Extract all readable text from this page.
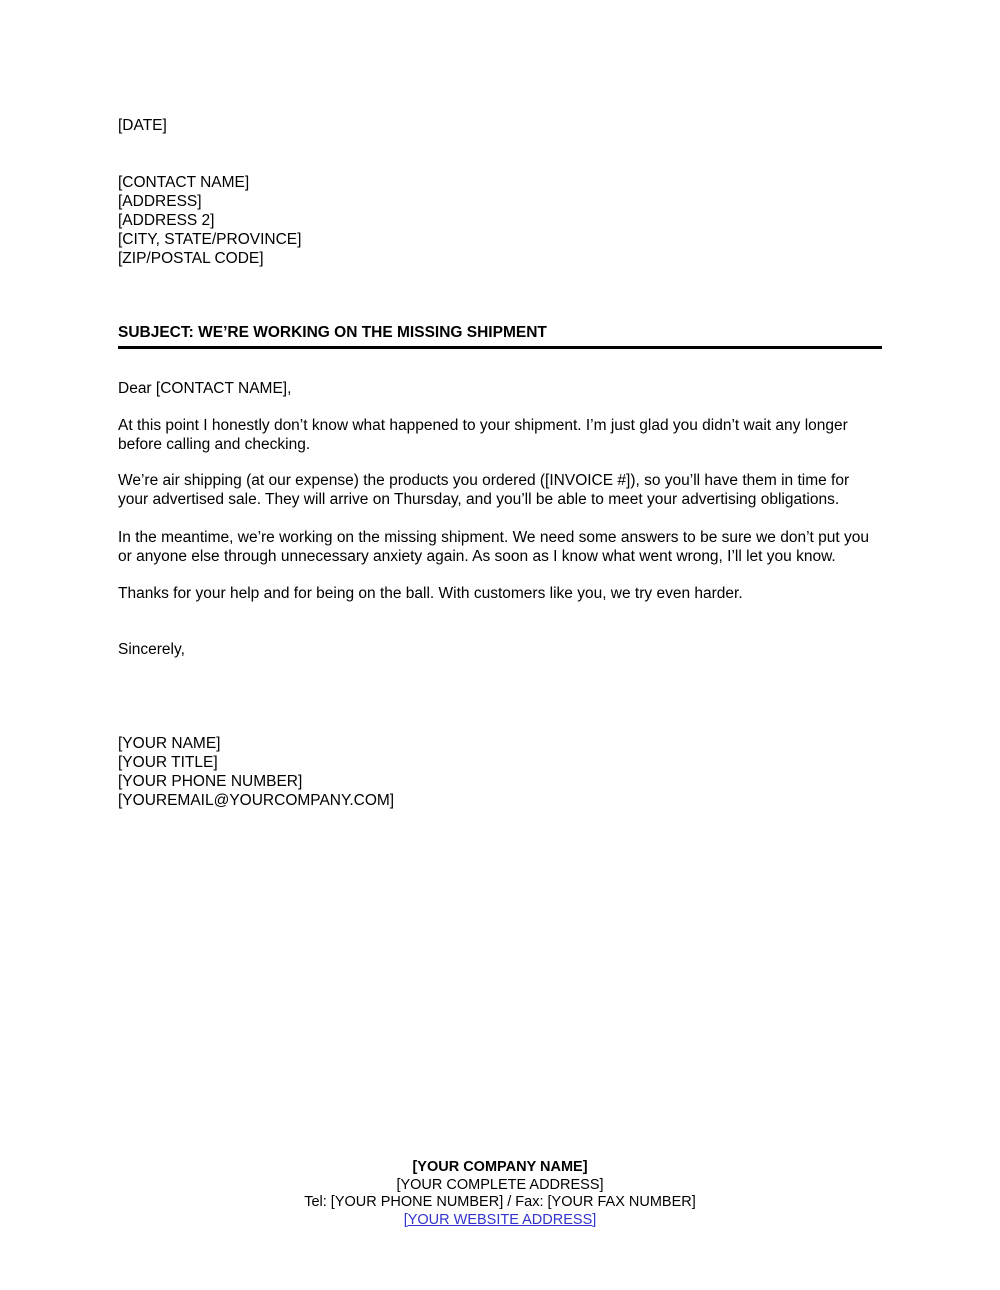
[DATE]
[CONTACT NAME]
[ADDRESS]
[ADDRESS 2]
[CITY, STATE/PROVINCE]
[ZIP/POSTAL CODE]
SUBJECT: WE’RE WORKING ON THE MISSING SHIPMENT
Dear [CONTACT NAME],

At this point I honestly don’t know what happened to your shipment. I’m just glad you didn’t wait any longer before calling and checking.

We’re air shipping (at our expense) the products you ordered ([INVOICE #]), so you’ll have them in time for your advertised sale. They will arrive on Thursday, and you’ll be able to meet your advertising obligations.

In the meantime, we’re working on the missing shipment. We need some answers to be sure we don’t put you or anyone else through unnecessary anxiety again. As soon as I know what went wrong, I’ll let you know.

Thanks for your help and for being on the ball. With customers like you, we try even harder.

Sincerely,
[YOUR NAME]
[YOUR TITLE]
[YOUR PHONE NUMBER]
[YOUREMAIL@YOURCOMPANY.COM]
[YOUR COMPANY NAME]
[YOUR COMPLETE ADDRESS]
Tel: [YOUR PHONE NUMBER] / Fax: [YOUR FAX NUMBER]
[YOUR WEBSITE ADDRESS]
